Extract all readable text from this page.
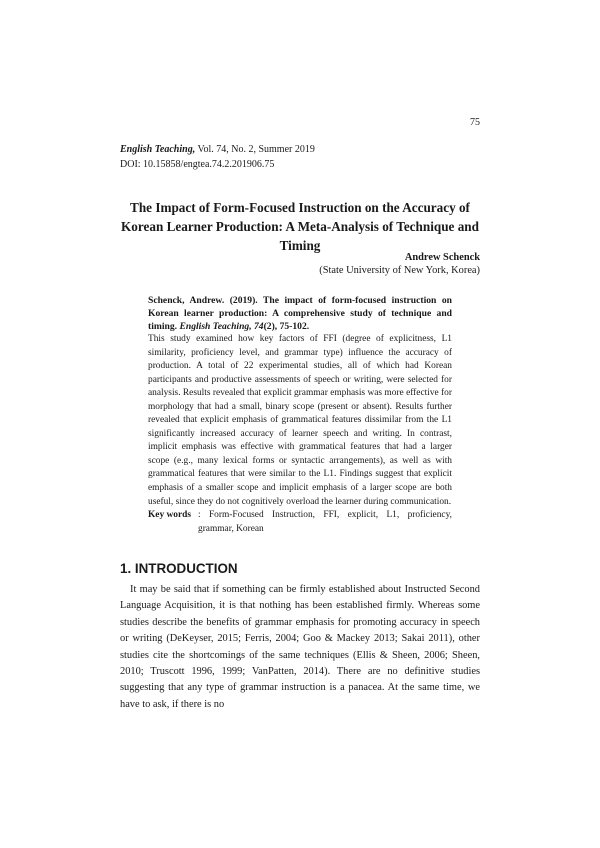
75
English Teaching, Vol. 74, No. 2, Summer 2019
DOI: 10.15858/engtea.74.2.201906.75
The Impact of Form-Focused Instruction on the Accuracy of Korean Learner Production: A Meta-Analysis of Technique and Timing
Andrew Schenck
(State University of New York, Korea)
Schenck, Andrew. (2019). The impact of form-focused instruction on Korean learner production: A comprehensive study of technique and timing. English Teaching, 74(2), 75-102.
This study examined how key factors of FFI (degree of explicitness, L1 similarity, proficiency level, and grammar type) influence the accuracy of production. A total of 22 experimental studies, all of which had Korean participants and productive assessments of speech or writing, were selected for analysis. Results revealed that explicit grammar emphasis was more effective for morphology that had a small, binary scope (present or absent). Results further revealed that explicit emphasis of grammatical features dissimilar from the L1 significantly increased accuracy of learner speech and writing. In contrast, implicit emphasis was effective with grammatical features that had a larger scope (e.g., many lexical forms or syntactic arrangements), as well as with grammatical features that were similar to the L1. Findings suggest that explicit emphasis of a smaller scope and implicit emphasis of a larger scope are both useful, since they do not cognitively overload the learner during communication.
Key words : Form-Focused Instruction, FFI, explicit, L1, proficiency, grammar, Korean
1. INTRODUCTION
It may be said that if something can be firmly established about Instructed Second Language Acquisition, it is that nothing has been established firmly. Whereas some studies describe the benefits of grammar emphasis for promoting accuracy in speech or writing (DeKeyser, 2015; Ferris, 2004; Goo & Mackey 2013; Sakai 2011), other studies cite the shortcomings of the same techniques (Ellis & Sheen, 2006; Sheen, 2010; Truscott 1996, 1999; VanPatten, 2014). There are no definitive studies suggesting that any type of grammar instruction is a panacea. At the same time, we have to ask, if there is no
